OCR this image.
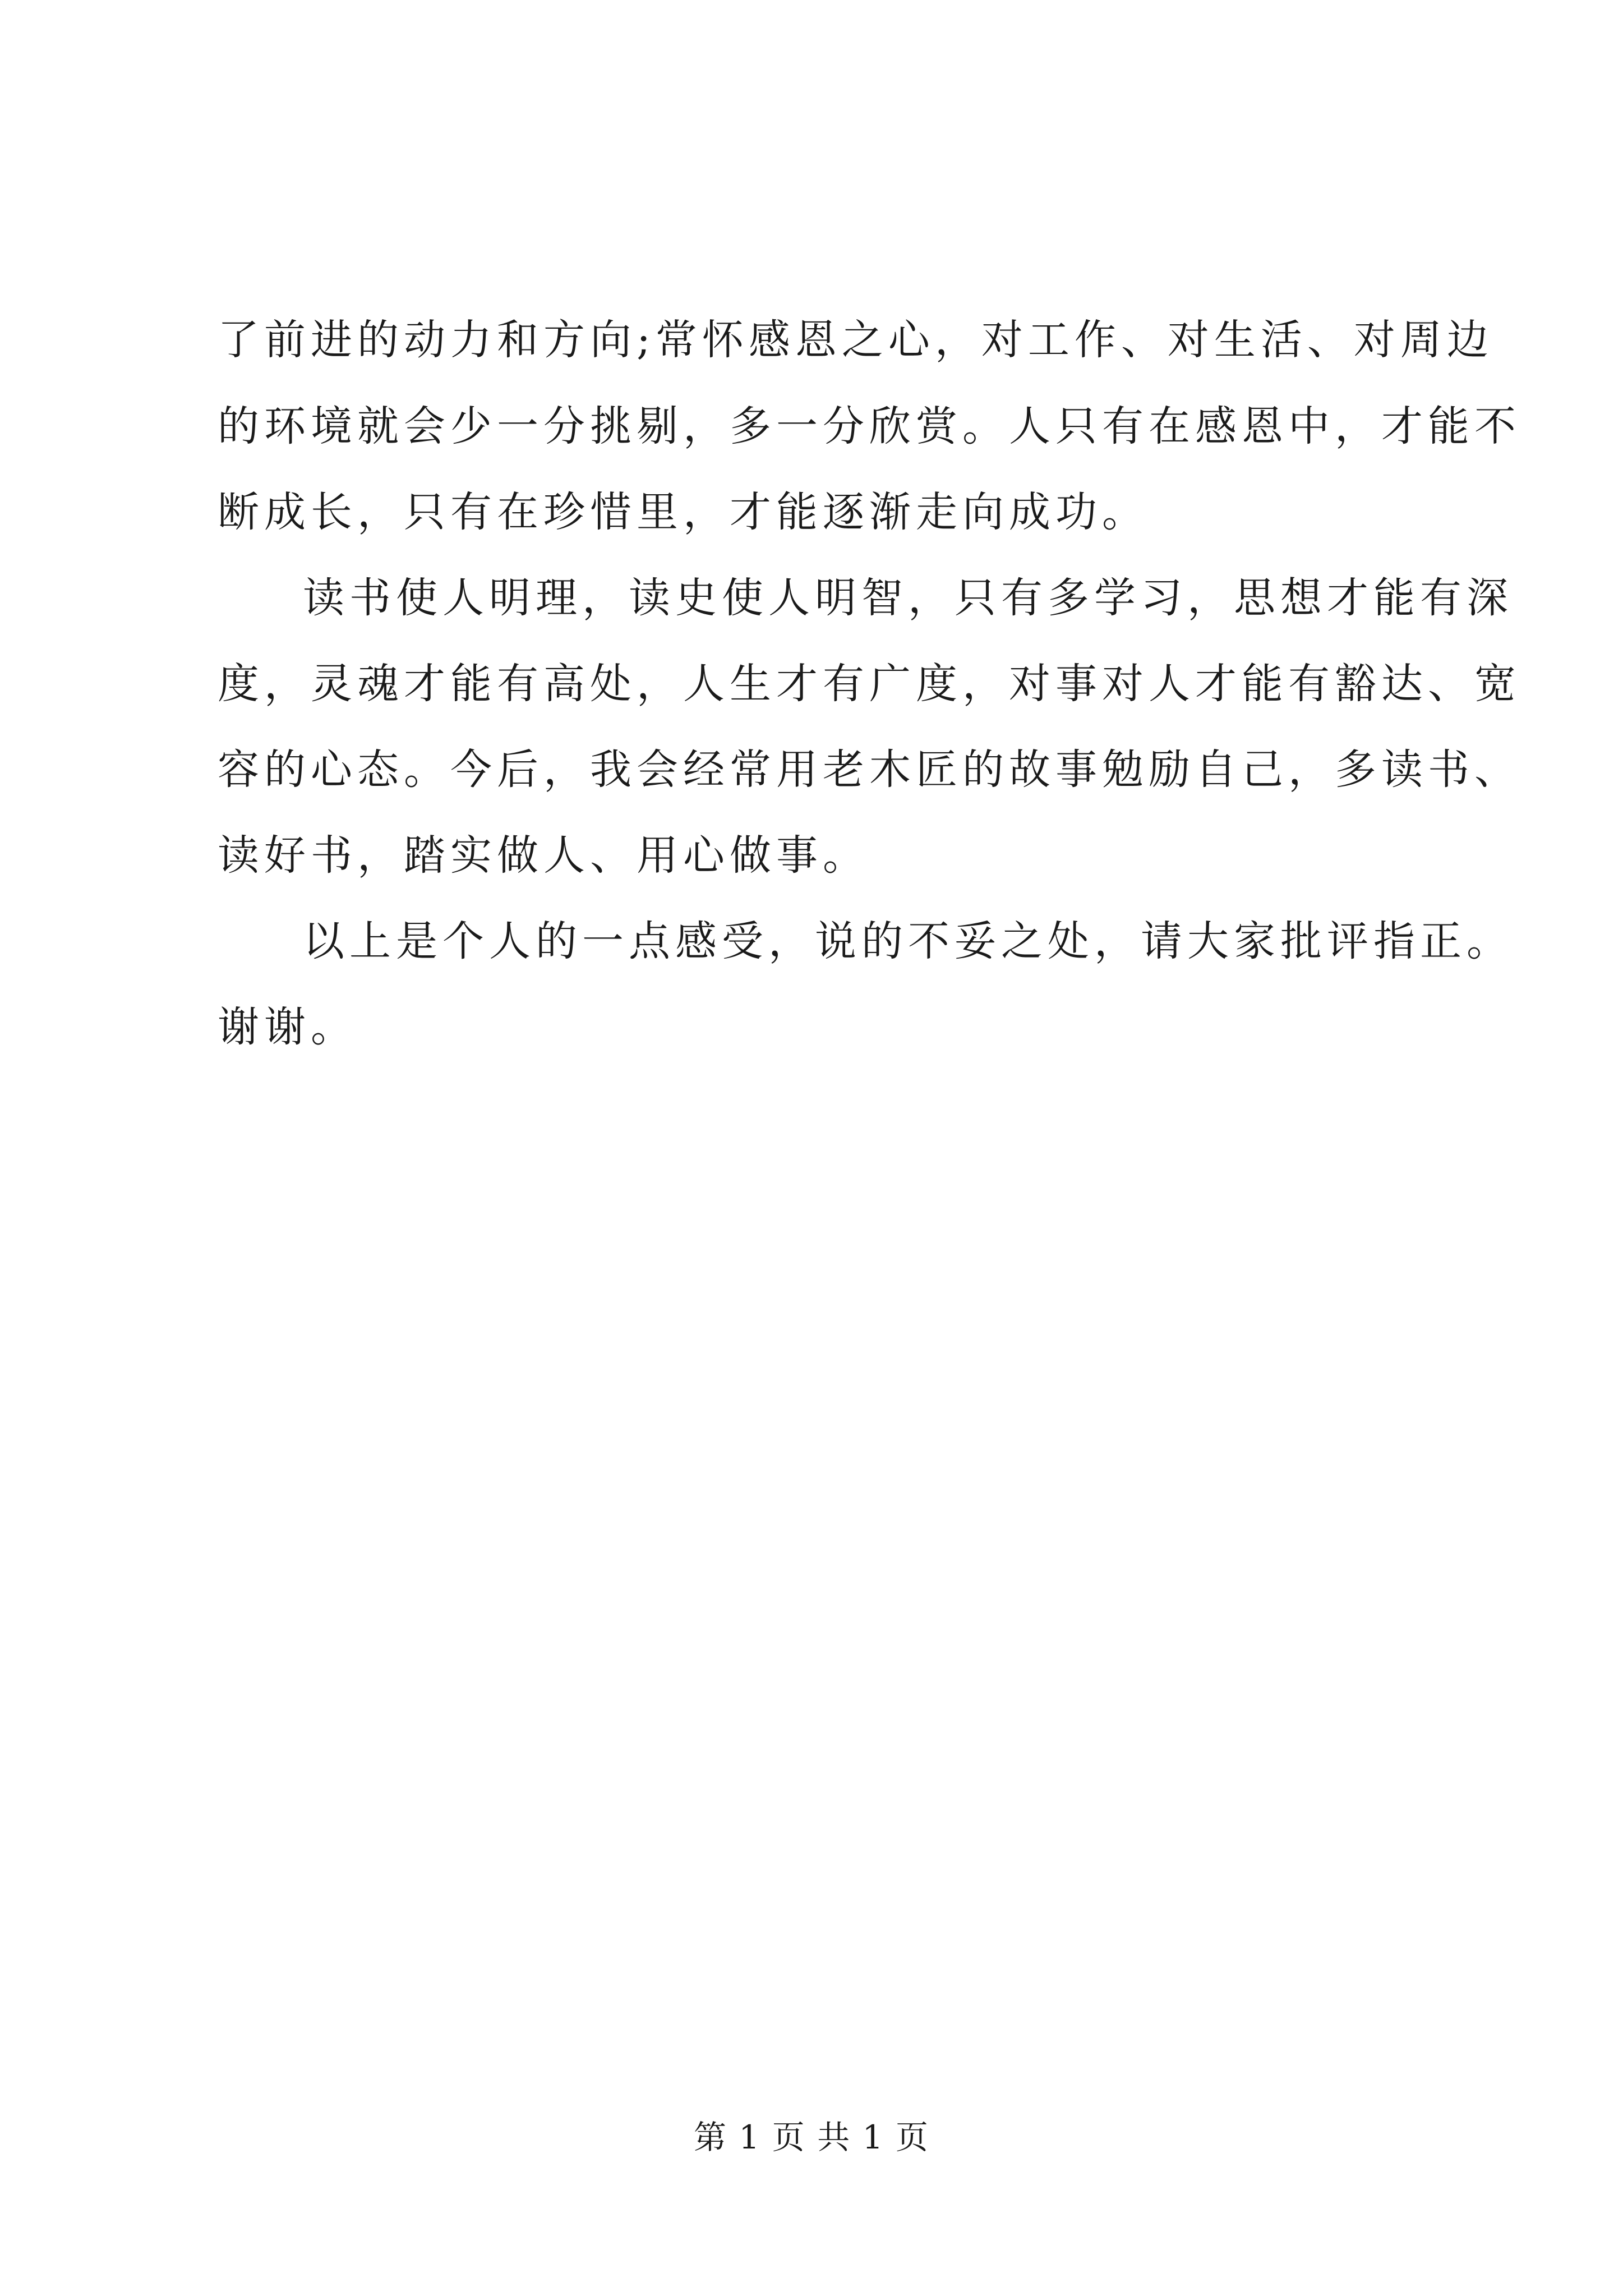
了前进的动力和方向;常怀感恩之心，对工作、对生活、对周边
的环境就会少一分挑剔，多一分欣赏。人只有在感恩中，才能不
断成长，只有在珍惜里，才能逐渐走向成功。
读书使人明理，读史使人明智，只有多学习，思想才能有深
度，灵魂才能有高处，人生才有广度，对事对人才能有豁达、宽
容的心态。今后，我会经常用老木匠的故事勉励自己，多读书、
读好书，踏实做人、用心做事。
以上是个人的一点感受，说的不妥之处，请大家批评指正。
谢谢。
第 1 页 共 1 页
